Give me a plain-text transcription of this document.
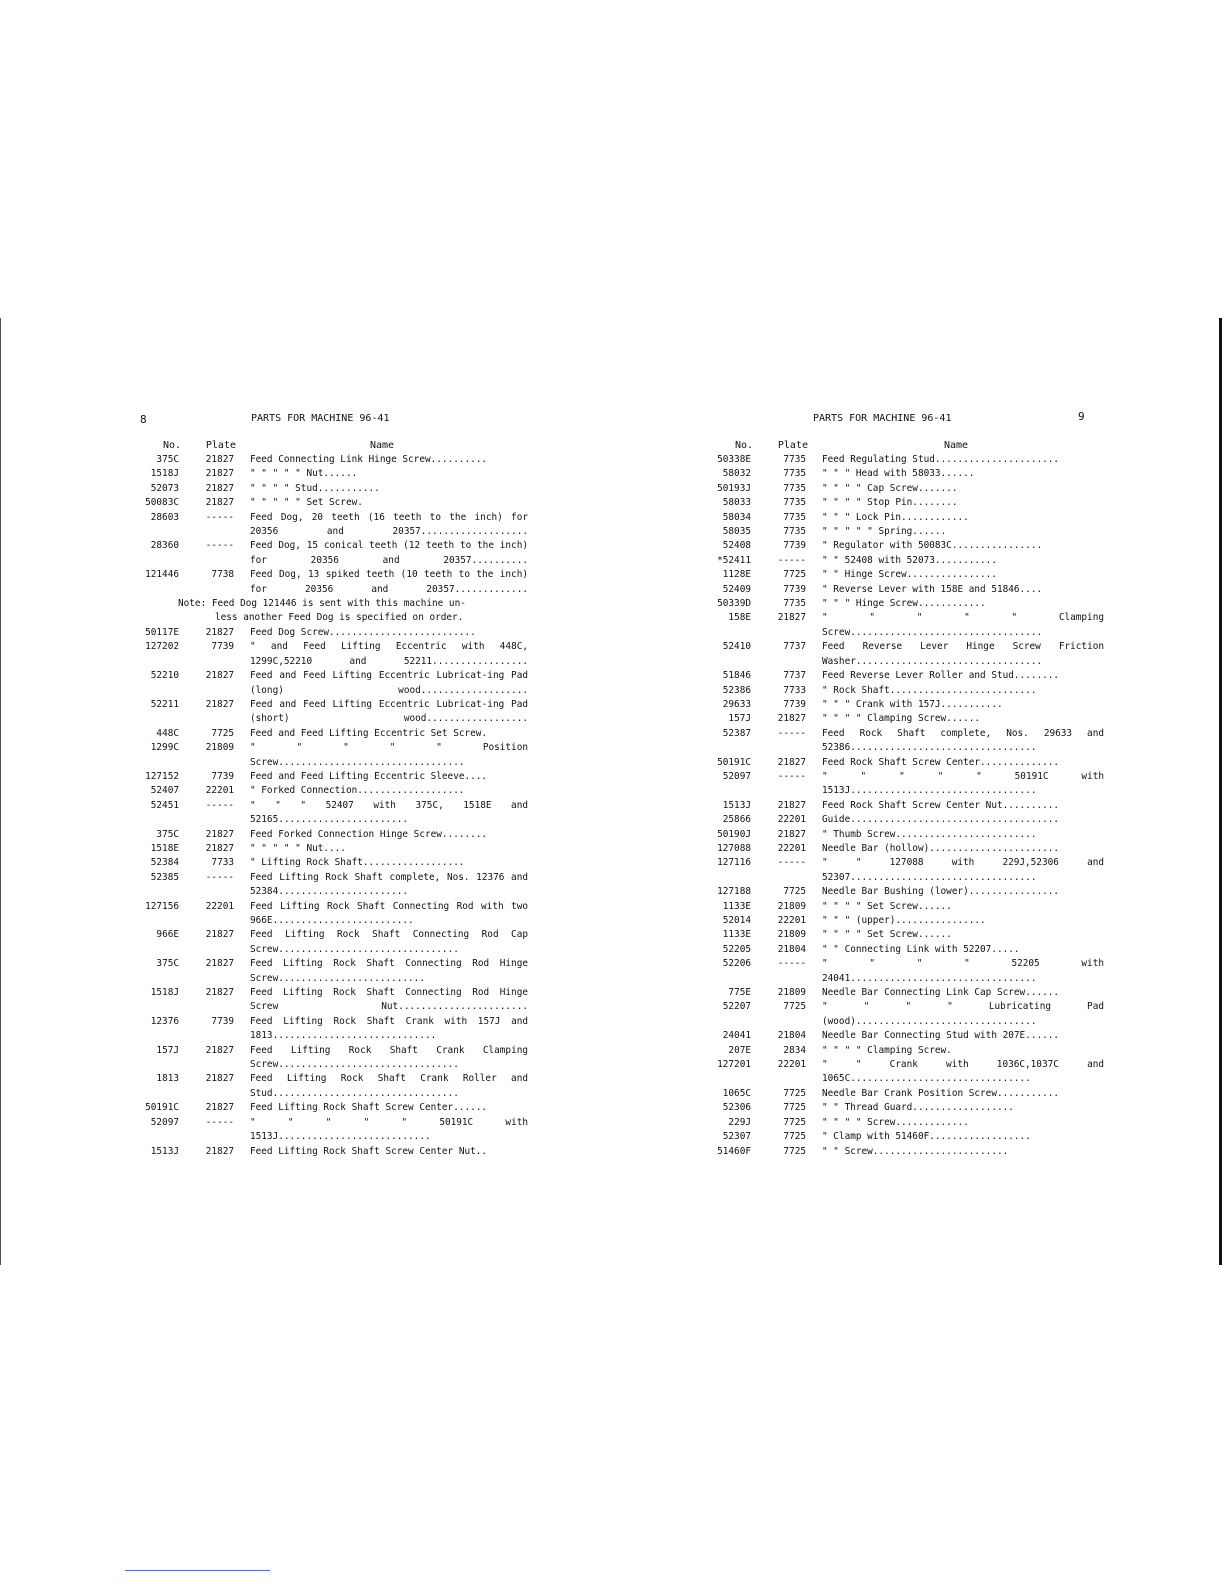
8	PARTS FOR MACHINE 96-41
No.	Plate	Name
375C	21827	Feed Connecting Link Hinge Screw..........
1518J	21827	" " " " " Nut......
52073	21827	" " " " Stud...........
50083C	21827	" " " " " Set Screw.
28603	-----	Feed Dog, 20 teeth (16 teeth to the inch) for 20356 and 20357...................
28360	-----	Feed Dog, 15 conical teeth (12 teeth to the inch) for 20356 and 20357..........
121446	7738	Feed Dog, 13 spiked teeth (10 teeth to the inch) for 20356 and 20357.............
Note: Feed Dog 121446 is sent with this machine un-
less another Feed Dog is specified on order.
50117E	21827	Feed Dog Screw..........................
127202	7739	" and Feed Lifting Eccentric with 448C, 1299C,52210 and 52211.................
52210	21827	Feed and Feed Lifting Eccentric Lubricat-ing Pad (long) wood...................
52211	21827	Feed and Feed Lifting Eccentric Lubricat-ing Pad (short) wood..................
448C	7725	Feed and Feed Lifting Eccentric Set Screw.
1299C	21809	" " " " " Position Screw.................................
127152	7739	Feed and Feed Lifting Eccentric Sleeve....
52407	22201	" Forked Connection...................
52451	-----	" " " 52407 with 375C, 1518E and 52165.......................
375C	21827	Feed Forked Connection Hinge Screw........
1518E	21827	" " " " " Nut....
52384	7733	" Lifting Rock Shaft..................
52385	-----	Feed Lifting Rock Shaft complete, Nos. 12376 and 52384.......................
127156	22201	Feed Lifting Rock Shaft Connecting Rod with two 966E.........................
966E	21827	Feed Lifting Rock Shaft Connecting Rod Cap Screw................................
375C	21827	Feed Lifting Rock Shaft Connecting Rod Hinge Screw..........................
1518J	21827	Feed Lifting Rock Shaft Connecting Rod Hinge Screw Nut.......................
12376	7739	Feed Lifting Rock Shaft Crank with 157J and 1813.............................
157J	21827	Feed Lifting Rock Shaft Crank Clamping Screw................................
1813	21827	Feed Lifting Rock Shaft Crank Roller and Stud.................................
50191C	21827	Feed Lifting Rock Shaft Screw Center......
52097	-----	" " " " " 50191C with 1513J...........................
1513J	21827	Feed Lifting Rock Shaft Screw Center Nut..
PARTS FOR MACHINE 96-41	9
No.	Plate	Name
50338E	7735	Feed Regulating Stud......................
58032	7735	" " " Head with 58033......
50193J	7735	" " " " Cap Screw.......
58033	7735	" " " " Stop Pin........
58034	7735	" " " Lock Pin............
58035	7735	" " " " " Spring......
52408	7739	" Regulator with 50083C................
*52411	-----	" " 52408 with 52073...........
1128E	7725	" " Hinge Screw................
52409	7739	" Reverse Lever with 158E and 51846....
50339D	7735	" " " Hinge Screw............
158E	21827	" " " " " Clamping Screw..................................
52410	7737	Feed Reverse Lever Hinge Screw Friction Washer.................................
51846	7737	Feed Reverse Lever Roller and Stud........
52386	7733	" Rock Shaft..........................
29633	7739	" " " Crank with 157J...........
157J	21827	" " " " Clamping Screw......
52387	-----	Feed Rock Shaft complete, Nos. 29633 and 52386.................................
50191C	21827	Feed Rock Shaft Screw Center..............
52097	-----	" " " " " 50191C with 1513J.................................
1513J	21827	Feed Rock Shaft Screw Center Nut..........
25866	22201	Guide.....................................
50190J	21827	" Thumb Screw.........................
127088	22201	Needle Bar (hollow).......................
127116	-----	" " 127088 with 229J,52306 and 52307.................................
127188	7725	Needle Bar Bushing (lower)................
1133E	21809	" " " " Set Screw......
52014	22201	" " " (upper)................
1133E	21809	" " " " Set Screw......
52205	21804	" " Connecting Link with 52207.....
52206	-----	" " " " 52205 with 24041.................................
775E	21809	Needle Bar Connecting Link Cap Screw......
52207	7725	" " " " Lubricating Pad (wood)................................
24041	21804	Needle Bar Connecting Stud with 207E......
207E	2834	" " " " Clamping Screw.
127201	22201	" " Crank with 1036C,1037C and 1065C................................
1065C	7725	Needle Bar Crank Position Screw...........
52306	7725	" " Thread Guard..................
229J	7725	" " " " Screw.............
52307	7725	" Clamp with 51460F..................
51460F	7725	" " Screw........................
